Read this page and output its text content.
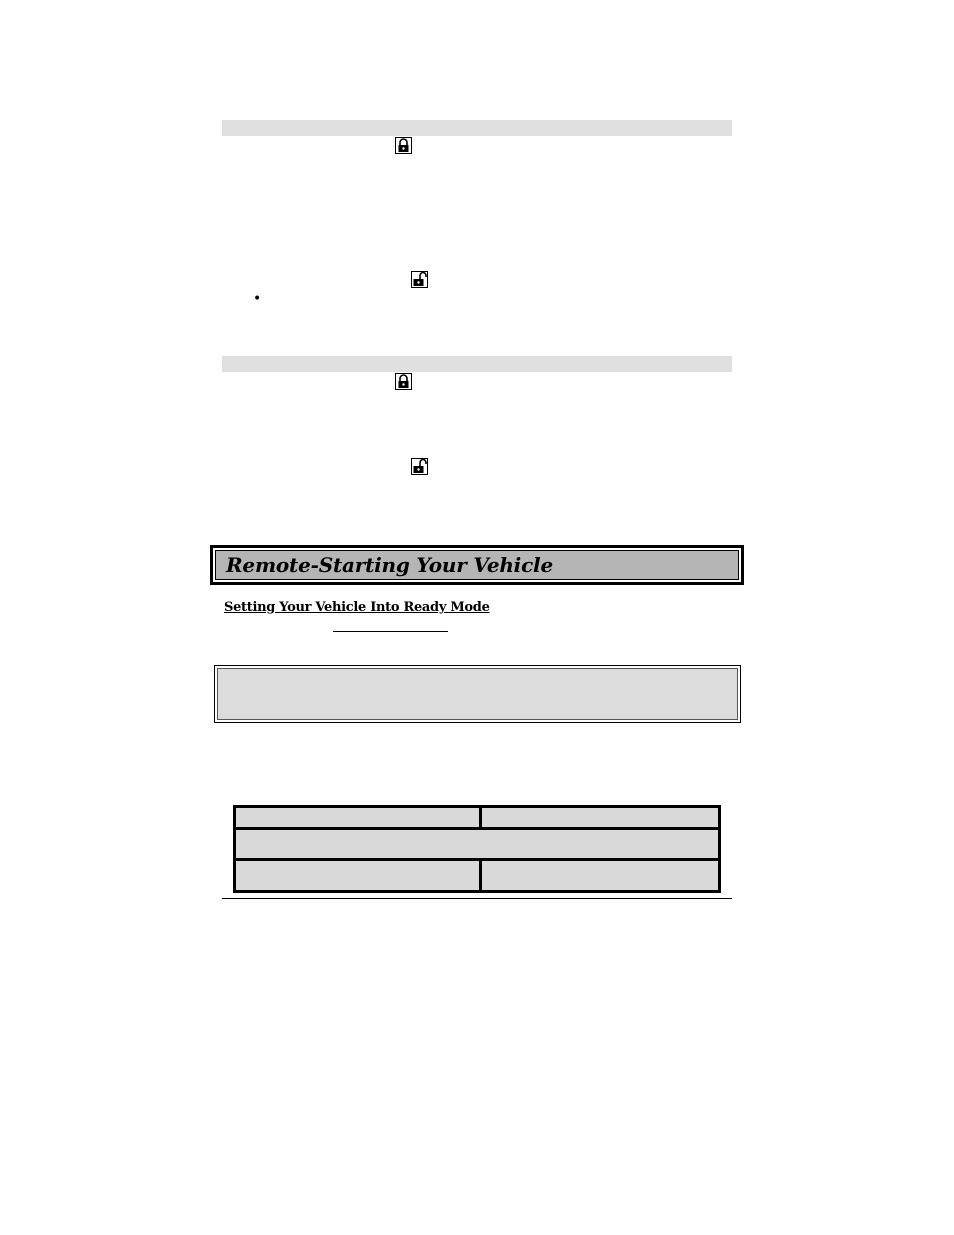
•
Remote-Starting Your Vehicle
Setting Your Vehicle Into Ready Mode
